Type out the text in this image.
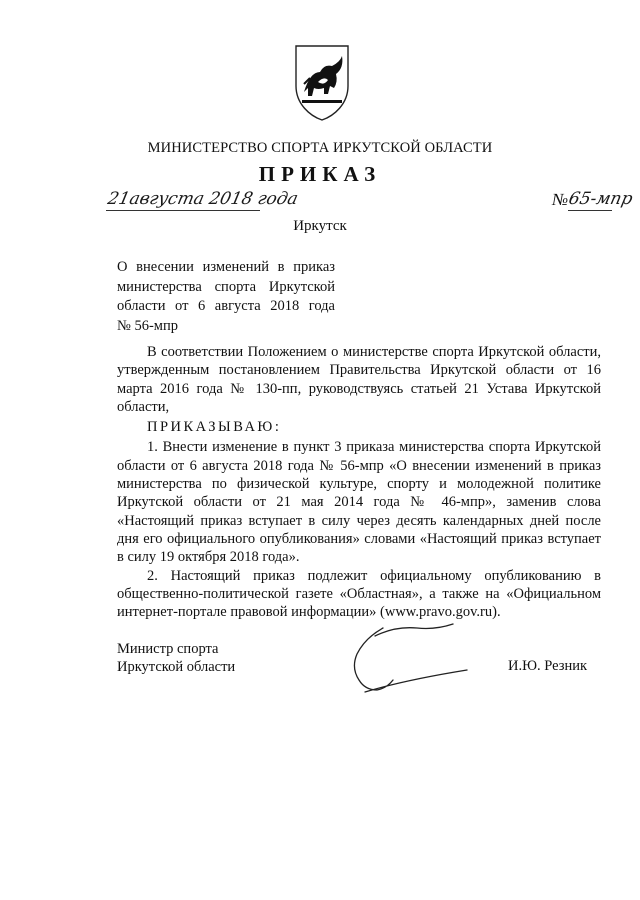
МИНИСТЕРСТВО СПОРТА ИРКУТСКОЙ ОБЛАСТИ
ПРИКАЗ
21августа 2018 года	№
65-мпр
Иркутск
О внесении изменений в приказ
министерства спорта Иркутской
области от 6 августа 2018 года
№ 56-мпр

В соответствии Положением о министерстве спорта Иркутской области, утвержденным постановлением Правительства Иркутской области от 16 марта 2016 года № 130-пп, руководствуясь статьей 21 Устава Иркутской области,

ПРИКАЗЫВАЮ:

1. Внести изменение в пункт 3 приказа министерства спорта Иркутской области от 6 августа 2018 года № 56-мпр «О внесении изменений в приказ министерства по физической культуре, спорту и молодежной политике Иркутской области от 21 мая 2014 года № 46-мпр», заменив слова «Настоящий приказ вступает в силу через десять календарных дней после дня его официального опубликования» словами «Настоящий приказ вступает в силу 19 октября 2018 года».

2. Настоящий приказ подлежит официальному опубликованию в общественно-политической газете «Областная», а также на «Официальном интернет-портале правовой информации» (www.pravo.gov.ru).

Министр спорта
Иркутской области	И.Ю. Резник
